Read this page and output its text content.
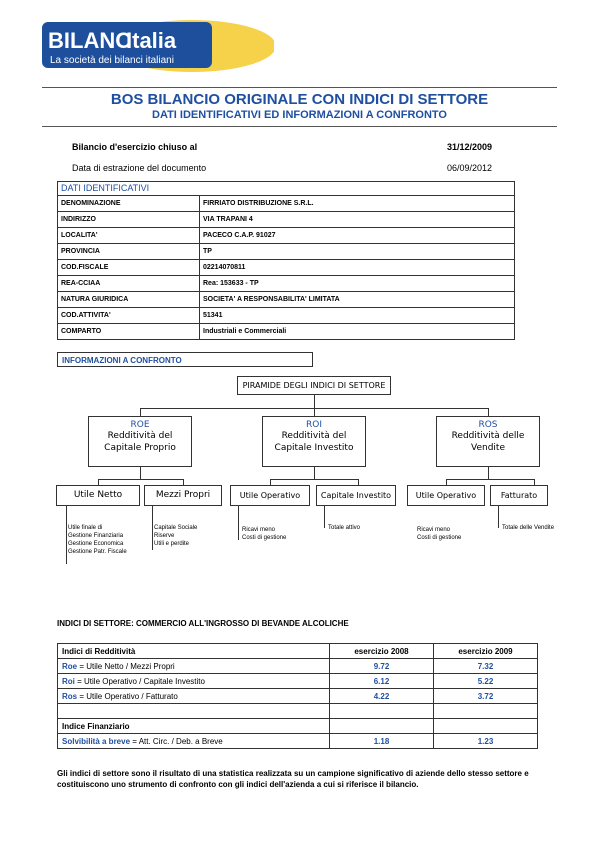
BILANC
Italia
La società dei bilanci italiani
BOS BILANCIO ORIGINALE CON INDICI DI SETTORE
DATI IDENTIFICATIVI ED INFORMAZIONI A CONFRONTO
Bilancio d'esercizio chiuso al	31/12/2009
Data di estrazione del documento	06/09/2012
DATI IDENTIFICATIVI
DENOMINAZIONE	FIRRIATO DISTRIBUZIONE S.R.L.
INDIRIZZO	VIA TRAPANI 4
LOCALITA'	PACECO C.A.P. 91027
PROVINCIA	TP
COD.FISCALE	02214070811
REA-CCIAA	Rea: 153633 - TP
NATURA GIURIDICA	SOCIETA' A RESPONSABILITA' LIMITATA
COD.ATTIVITA'	51341
COMPARTO	Industriali e Commerciali
INFORMAZIONI A CONFRONTO
PIRAMIDE DEGLI INDICI DI SETTORE
ROE
Redditività del Capitale Proprio
ROI
Redditività del Capitale Investito
ROS
Redditività delle Vendite
Utile Netto	Mezzi Propri	Utile Operativo	Capitale Investito	Utile Operativo	Fatturato
Utile finale di
Gestione Finanziaria
Gestione Economica
Gestione Patr. Fiscale
Capitale Sociale
Riserve
Utili e perdite
Ricavi meno
Costi di gestione
Totale attivo	Ricavi meno
Costi di gestione
Totale delle Vendite
INDICI DI SETTORE: COMMERCIO ALL'INGROSSO DI BEVANDE ALCOLICHE
Indici di Redditività	esercizio 2008	esercizio 2009
Roe = Utile Netto / Mezzi Propri	9.72	7.32
Roi = Utile Operativo / Capitale Investito	6.12	5.22
Ros = Utile Operativo / Fatturato	4.22	3.72

Indice Finanziario		
Solvibilità a breve = Att. Circ. / Deb. a Breve	1.18	1.23
Gli indici di settore sono il risultato di una statistica realizzata su un campione significativo di aziende dello stesso settore e costituiscono uno strumento di confronto con gli indici dell'azienda a cui si riferisce il bilancio.
